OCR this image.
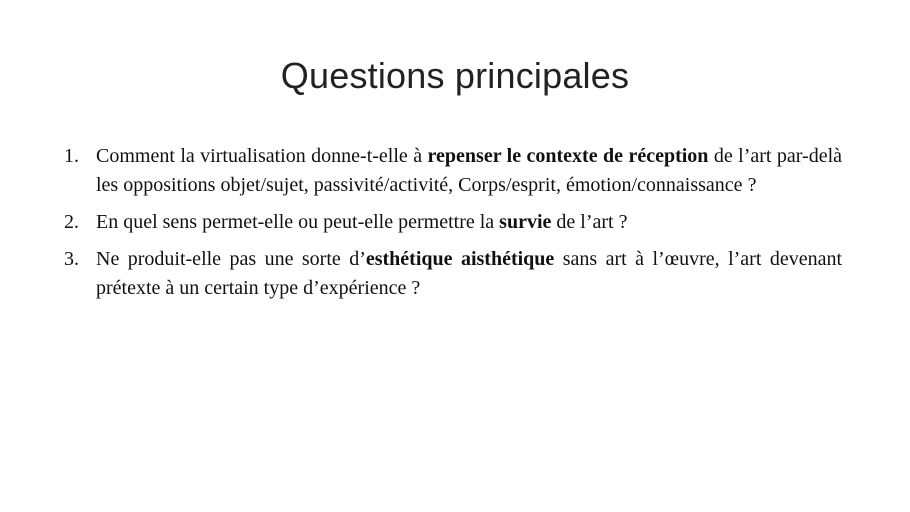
Questions principales
1. Comment la virtualisation donne-t-elle à repenser le contexte de réception de l’art par-delà les oppositions objet/sujet, passivité/activité, Corps/esprit, émotion/connaissance ?
2. En quel sens permet-elle ou peut-elle permettre la survie de l’art ?
3. Ne produit-elle pas une sorte d’esthétique aisthétique sans art à l’œuvre, l’art devenant prétexte à un certain type d’expérience ?
